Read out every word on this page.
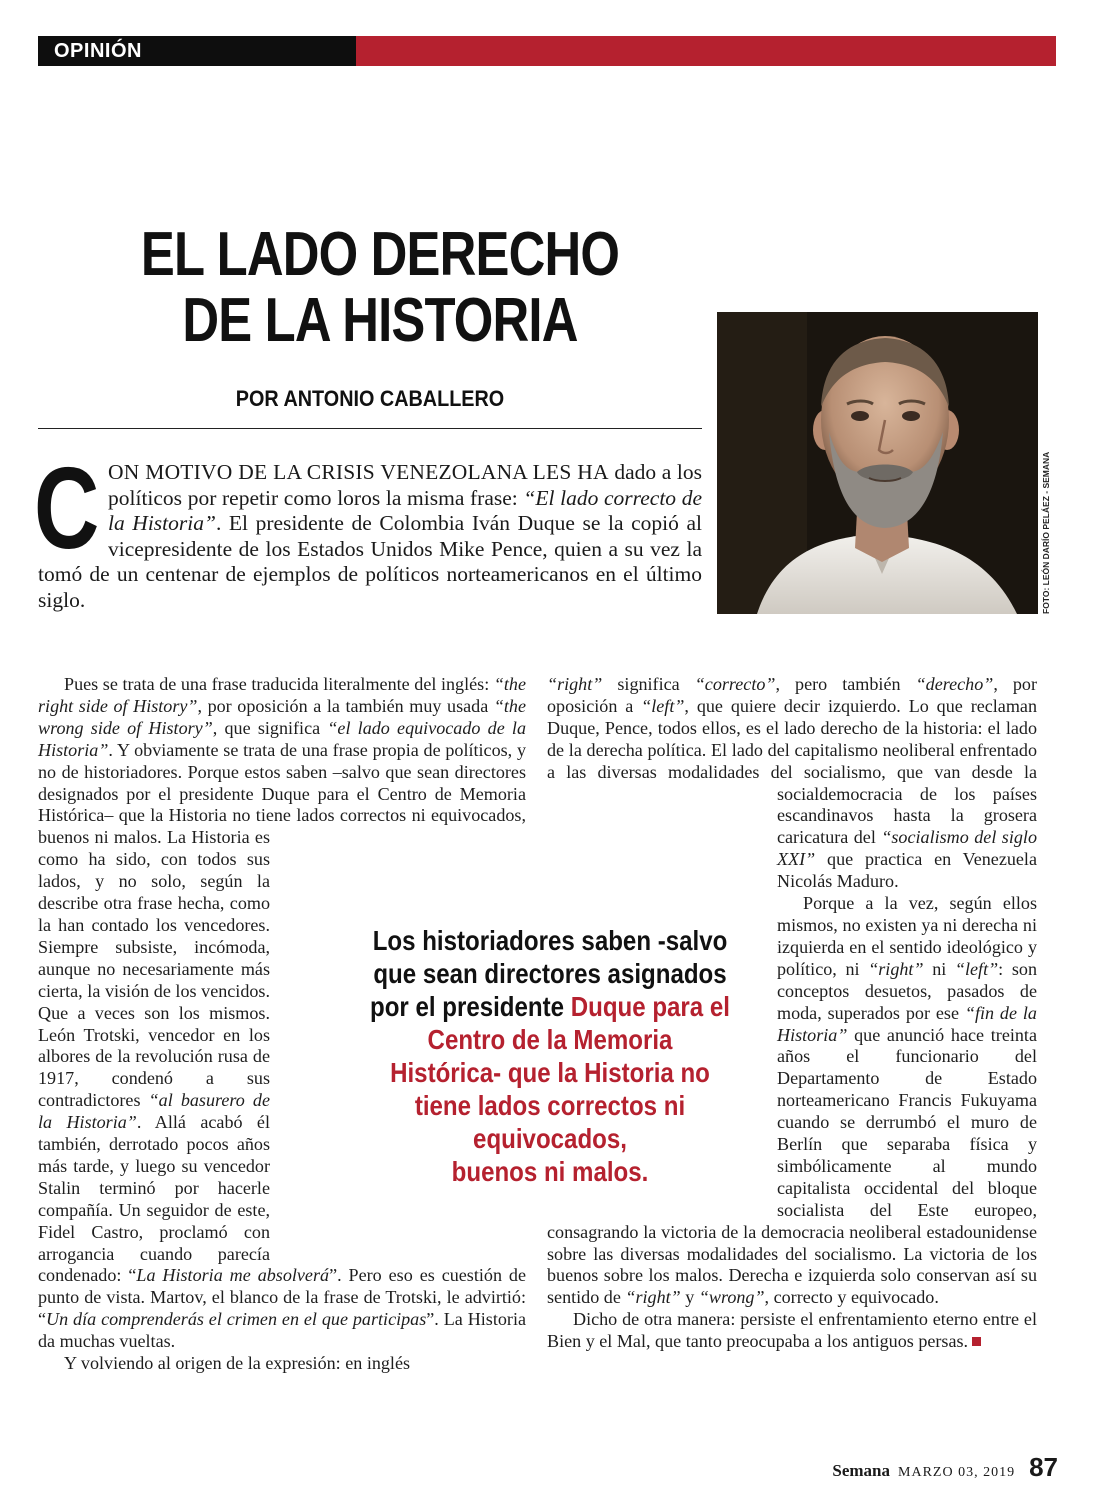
OPINIÓN
EL LADO DERECHO
DE LA HISTORIA
POR ANTONIO CABALLERO
FOTO: LEÓN DARÍO PELÁEZ - SEMANA

CON MOTIVO DE LA CRISIS VENEZOLANA LES HA dado a los políticos por repetir como loros la misma frase: “El lado correcto de la Historia”. El presidente de Colombia Iván Duque se la copió al vicepresidente de los Estados Unidos Mike Pence, quien a su vez la tomó de un centenar de ejemplos de políticos norteamericanos en el último siglo.

Pues se trata de una frase traducida literalmente del inglés: “the right side of History”, por oposición a la también muy usada “the wrong side of History”, que significa “el lado equivocado de la Historia”. Y obviamente se trata de una frase propia de políticos, y no de historiadores. Porque estos saben –salvo que sean directores designados por el presidente Duque para el Centro de Memoria Histórica– que la Historia no tiene lados correctos ni equivocados, buenos ni malos. La Historia es como ha sido, con todos sus lados, y no solo, según la describe otra frase hecha, como la han contado los vencedores. Siempre subsiste, incómoda, aunque no necesariamente más cierta, la visión de los vencidos. Que a veces son los mismos. León Trotski, vencedor en los albores de la revolución rusa de 1917, condenó a sus contradictores “al basurero de la Historia”. Allá acabó él también, derrotado pocos años más tarde, y luego su vencedor Stalin terminó por hacerle compañía. Un seguidor de este, Fidel Castro, proclamó con arrogancia cuando parecía condenado: “La Historia me absolverá”. Pero eso es cuestión de punto de vista. Martov, el blanco de la frase de Trotski, le advirtió: “Un día comprenderás el crimen en el que participas”. La Historia da muchas vueltas.

Y volviendo al origen de la expresión: en inglés

“right” significa “correcto”, pero también “derecho”, por oposición a “left”, que quiere decir izquierdo. Lo que reclaman Duque, Pence, todos ellos, es el lado derecho de la historia: el lado de la derecha política. El lado del capitalismo neoliberal enfrentado a las diversas modalidades del socialismo, que van desde la socialdemocracia de los países escandinavos hasta la grosera caricatura del “socialismo del siglo XXI” que practica en Venezuela Nicolás Maduro.

Porque a la vez, según ellos mismos, no existen ya ni derecha ni izquierda en el sentido ideológico y político, ni “right” ni “left”: son conceptos desuetos, pasados de moda, superados por ese “fin de la Historia” que anunció hace treinta años el funcionario del Departamento de Estado norteamericano Francis Fukuyama cuando se derrumbó el muro de Berlín que separaba física y simbólicamente al mundo capitalista occidental del bloque socialista del Este europeo, consagrando la victoria de la democracia neoliberal estadounidense sobre las diversas modalidades del socialismo. La victoria de los buenos sobre los malos. Derecha e izquierda solo conservan así su sentido de “right” y “wrong”, correcto y equivocado.

Dicho de otra manera: persiste el enfrentamiento eterno entre el Bien y el Mal, que tanto preocupaba a los antiguos persas.

Los historiadores saben -salvo que sean directores asignados por el presidente Duque para el Centro de la Memoria Histórica- que la Historia no tiene lados correctos ni equivocados,
buenos ni malos.
Semana MARZO 03, 2019 87
